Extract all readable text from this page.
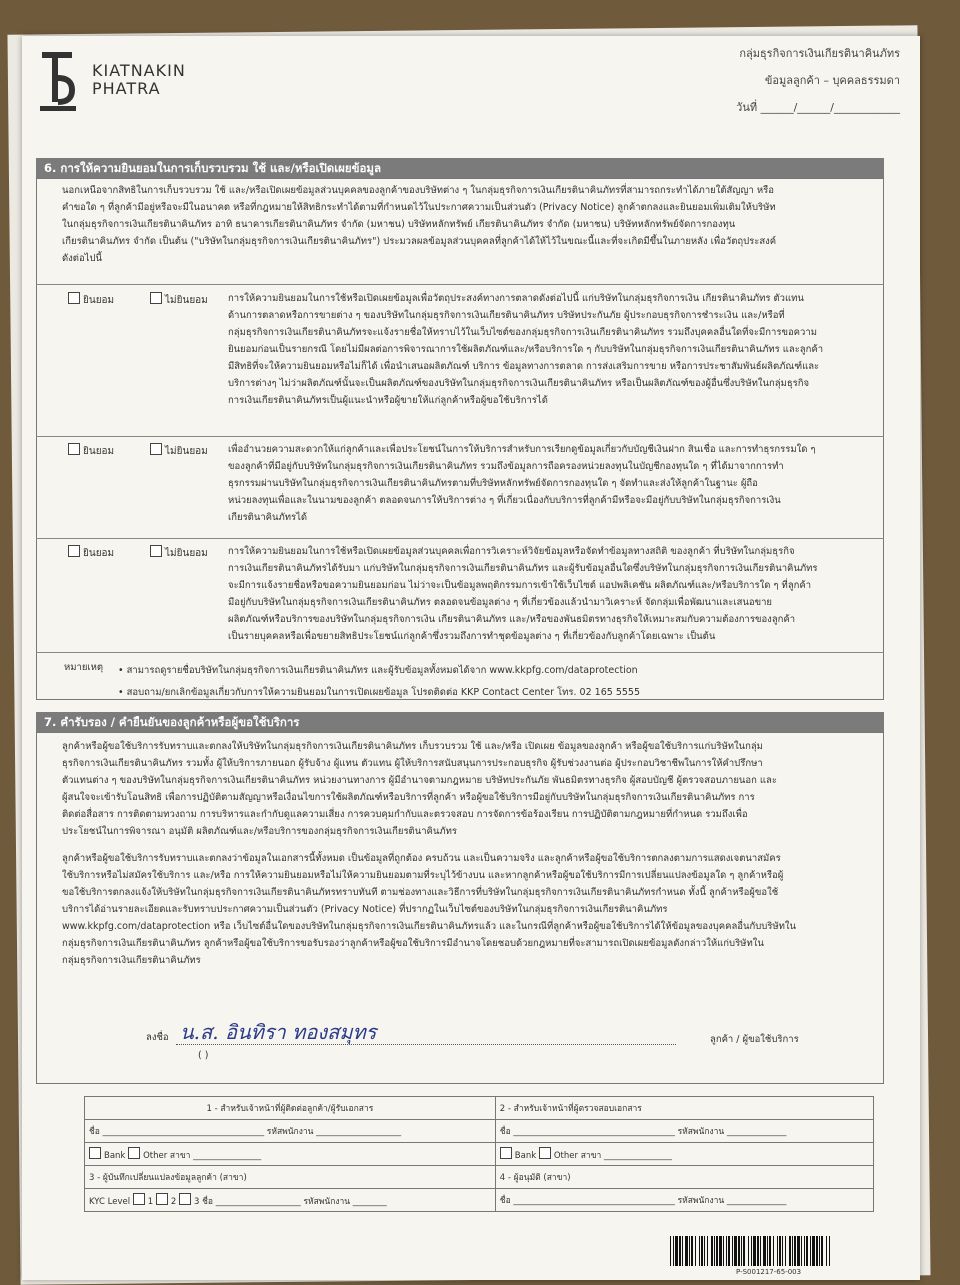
KIATNAKIN
PHATRA
กลุ่มธุรกิจการเงินเกียรตินาคินภัทร
ข้อมูลลูกค้า – บุคคลธรรมดา
วันที่ ______/______/____________
6. การให้ความยินยอมในการเก็บรวบรวม ใช้ และ/หรือเปิดเผยข้อมูล
นอกเหนือจากสิทธิในการเก็บรวบรวม ใช้ และ/หรือเปิดเผยข้อมูลส่วนบุคคลของลูกค้าของบริษัทต่าง ๆ ในกลุ่มธุรกิจการเงินเกียรตินาคินภัทรที่สามารถกระทำได้ภายใต้สัญญา หรือ
คำขอใด ๆ ที่ลูกค้ามีอยู่หรือจะมีในอนาคต หรือที่กฎหมายให้สิทธิกระทำได้ตามที่กำหนดไว้ในประกาศความเป็นส่วนตัว (Privacy Notice) ลูกค้าตกลงและยินยอมเพิ่มเติมให้บริษัท
ในกลุ่มธุรกิจการเงินเกียรตินาคินภัทร อาทิ ธนาคารเกียรตินาคินภัทร จำกัด (มหาชน) บริษัทหลักทรัพย์ เกียรตินาคินภัทร จำกัด (มหาชน) บริษัทหลักทรัพย์จัดการกองทุน
เกียรตินาคินภัทร จำกัด เป็นต้น ("บริษัทในกลุ่มธุรกิจการเงินเกียรตินาคินภัทร") ประมวลผลข้อมูลส่วนบุคคลที่ลูกค้าได้ให้ไว้ในขณะนี้และที่จะเกิดมีขึ้นในภายหลัง เพื่อวัตถุประสงค์
ดังต่อไปนี้
ยินยอม	ไม่ยินยอม การให้ความยินยอมในการใช้หรือเปิดเผยข้อมูลเพื่อวัตถุประสงค์ทางการตลาดดังต่อไปนี้ แก่บริษัทในกลุ่มธุรกิจการเงิน เกียรตินาคินภัทร ตัวแทน
ด้านการตลาดหรือการขายต่าง ๆ ของบริษัทในกลุ่มธุรกิจการเงินเกียรตินาคินภัทร บริษัทประกันภัย ผู้ประกอบธุรกิจการชำระเงิน และ/หรือที่
กลุ่มธุรกิจการเงินเกียรตินาคินภัทรจะแจ้งรายชื่อให้ทราบไว้ในเว็บไซต์ของกลุ่มธุรกิจการเงินเกียรตินาคินภัทร รวมถึงบุคคลอื่นใดที่จะมีการขอความ
ยินยอมก่อนเป็นรายกรณี โดยไม่มีผลต่อการพิจารณาการใช้ผลิตภัณฑ์และ/หรือบริการใด ๆ กับบริษัทในกลุ่มธุรกิจการเงินเกียรตินาคินภัทร และลูกค้า
มีสิทธิที่จะให้ความยินยอมหรือไม่ก็ได้ เพื่อนำเสนอผลิตภัณฑ์ บริการ ข้อมูลทางการตลาด การส่งเสริมการขาย หรือการประชาสัมพันธ์ผลิตภัณฑ์และ
บริการต่างๆ ไม่ว่าผลิตภัณฑ์นั้นจะเป็นผลิตภัณฑ์ของบริษัทในกลุ่มธุรกิจการเงินเกียรตินาคินภัทร หรือเป็นผลิตภัณฑ์ของผู้อื่นซึ่งบริษัทในกลุ่มธุรกิจ
การเงินเกียรตินาคินภัทรเป็นผู้แนะนำหรือผู้ขายให้แก่ลูกค้าหรือผู้ขอใช้บริการได้
ยินยอม	ไม่ยินยอม เพื่ออำนวยความสะดวกให้แก่ลูกค้าและเพื่อประโยชน์ในการให้บริการสำหรับการเรียกดูข้อมูลเกี่ยวกับบัญชีเงินฝาก สินเชื่อ และการทำธุรกรรมใด ๆ
ของลูกค้าที่มีอยู่กับบริษัทในกลุ่มธุรกิจการเงินเกียรตินาคินภัทร รวมถึงข้อมูลการถือครองหน่วยลงทุนในบัญชีกองทุนใด ๆ ที่ได้มาจากการทำ
ธุรกรรมผ่านบริษัทในกลุ่มธุรกิจการเงินเกียรตินาคินภัทรตามที่บริษัทหลักทรัพย์จัดการกองทุนใด ๆ จัดทำและส่งให้ลูกค้าในฐานะ ผู้ถือ
หน่วยลงทุนเพื่อและในนามของลูกค้า ตลอดจนการให้บริการต่าง ๆ ที่เกี่ยวเนื่องกับบริการที่ลูกค้ามีหรือจะมีอยู่กับบริษัทในกลุ่มธุรกิจการเงิน
เกียรตินาคินภัทรได้
ยินยอม	ไม่ยินยอม การให้ความยินยอมในการใช้หรือเปิดเผยข้อมูลส่วนบุคคลเพื่อการวิเคราะห์วิจัยข้อมูลหรือจัดทำข้อมูลทางสถิติ ของลูกค้า ที่บริษัทในกลุ่มธุรกิจ
การเงินเกียรตินาคินภัทรได้รับมา แก่บริษัทในกลุ่มธุรกิจการเงินเกียรตินาคินภัทร และผู้รับข้อมูลอื่นใดซึ่งบริษัทในกลุ่มธุรกิจการเงินเกียรตินาคินภัทร
จะมีการแจ้งรายชื่อหรือขอความยินยอมก่อน ไม่ว่าจะเป็นข้อมูลพฤติกรรมการเข้าใช้เว็บไซต์ แอปพลิเคชัน ผลิตภัณฑ์และ/หรือบริการใด ๆ ที่ลูกค้า
มีอยู่กับบริษัทในกลุ่มธุรกิจการเงินเกียรตินาคินภัทร ตลอดจนข้อมูลต่าง ๆ ที่เกี่ยวข้องแล้วนำมาวิเคราะห์ จัดกลุ่มเพื่อพัฒนาและเสนอขาย
ผลิตภัณฑ์หรือบริการของบริษัทในกลุ่มธุรกิจการเงิน เกียรตินาคินภัทร และ/หรือของพันธมิตรทางธุรกิจให้เหมาะสมกับความต้องการของลูกค้า
เป็นรายบุคคลหรือเพื่อขยายสิทธิประโยชน์แก่ลูกค้าซึ่งรวมถึงการทำชุดข้อมูลต่าง ๆ ที่เกี่ยวข้องกับลูกค้าโดยเฉพาะ เป็นต้น
หมายเหตุ • สามารถดูรายชื่อบริษัทในกลุ่มธุรกิจการเงินเกียรตินาคินภัทร และผู้รับข้อมูลทั้งหมดได้จาก www.kkpfg.com/dataprotection
• สอบถาม/ยกเลิกข้อมูลเกี่ยวกับการให้ความยินยอมในการเปิดเผยข้อมูล โปรดติดต่อ KKP Contact Center โทร. 02 165 5555
7. คำรับรอง / คำยืนยันของลูกค้าหรือผู้ขอใช้บริการ
ลูกค้าหรือผู้ขอใช้บริการรับทราบและตกลงให้บริษัทในกลุ่มธุรกิจการเงินเกียรตินาคินภัทร เก็บรวบรวม ใช้ และ/หรือ เปิดเผย ข้อมูลของลูกค้า หรือผู้ขอใช้บริการแก่บริษัทในกลุ่ม
ธุรกิจการเงินเกียรตินาคินภัทร รวมทั้ง ผู้ให้บริการภายนอก ผู้รับจ้าง ผู้แทน ตัวแทน ผู้ให้บริการสนับสนุนการประกอบธุรกิจ ผู้รับช่วงงานต่อ ผู้ประกอบวิชาชีพในการให้คำปรึกษา
ตัวแทนต่าง ๆ ของบริษัทในกลุ่มธุรกิจการเงินเกียรตินาคินภัทร หน่วยงานทางการ ผู้มีอำนาจตามกฎหมาย บริษัทประกันภัย พันธมิตรทางธุรกิจ ผู้สอบบัญชี ผู้ตรวจสอบภายนอก และ
ผู้สนใจจะเข้ารับโอนสิทธิ เพื่อการปฏิบัติตามสัญญาหรือเงื่อนไขการใช้ผลิตภัณฑ์หรือบริการที่ลูกค้า หรือผู้ขอใช้บริการมีอยู่กับบริษัทในกลุ่มธุรกิจการเงินเกียรตินาคินภัทร การ
ติดต่อสื่อสาร การติดตามทวงถาม การบริหารและกำกับดูแลความเสี่ยง การควบคุมกำกับและตรวจสอบ การจัดการข้อร้องเรียน การปฏิบัติตามกฎหมายที่กำหนด รวมถึงเพื่อ
ประโยชน์ในการพิจารณา อนุมัติ ผลิตภัณฑ์และ/หรือบริการของกลุ่มธุรกิจการเงินเกียรตินาคินภัทร
ลูกค้าหรือผู้ขอใช้บริการรับทราบและตกลงว่าข้อมูลในเอกสารนี้ทั้งหมด เป็นข้อมูลที่ถูกต้อง ครบถ้วน และเป็นความจริง และลูกค้าหรือผู้ขอใช้บริการตกลงตามการแสดงเจตนาสมัคร
ใช้บริการหรือไม่สมัครใช้บริการ และ/หรือ การให้ความยินยอมหรือไม่ให้ความยินยอมตามที่ระบุไว้ข้างบน และหากลูกค้าหรือผู้ขอใช้บริการมีการเปลี่ยนแปลงข้อมูลใด ๆ ลูกค้าหรือผู้
ขอใช้บริการตกลงแจ้งให้บริษัทในกลุ่มธุรกิจการเงินเกียรตินาคินภัทรทราบทันที ตามช่องทางและวิธีการที่บริษัทในกลุ่มธุรกิจการเงินเกียรตินาคินภัทรกำหนด ทั้งนี้ ลูกค้าหรือผู้ขอใช้
บริการได้อ่านรายละเอียดและรับทราบประกาศความเป็นส่วนตัว (Privacy Notice) ที่ปรากฏในเว็บไซต์ของบริษัทในกลุ่มธุรกิจการเงินเกียรตินาคินภัทร
www.kkpfg.com/dataprotection หรือ เว็บไซต์อื่นใดของบริษัทในกลุ่มธุรกิจการเงินเกียรตินาคินภัทรแล้ว และในกรณีที่ลูกค้าหรือผู้ขอใช้บริการได้ให้ข้อมูลของบุคคลอื่นกับบริษัทใน
กลุ่มธุรกิจการเงินเกียรตินาคินภัทร ลูกค้าหรือผู้ขอใช้บริการขอรับรองว่าลูกค้าหรือผู้ขอใช้บริการมีอำนาจโดยชอบด้วยกฎหมายที่จะสามารถเปิดเผยข้อมูลดังกล่าวให้แก่บริษัทใน
กลุ่มธุรกิจการเงินเกียรตินาคินภัทร
ลงชื่อ น.ส. อินทิรา ทองสมุทร
( )
ลูกค้า / ผู้ขอใช้บริการ
1 - สำหรับเจ้าหน้าที่ผู้ติดต่อลูกค้า/ผู้รับเอกสาร	2 - สำหรับเจ้าหน้าที่ผู้ตรวจสอบเอกสาร
ชื่อ ______________________________________ รหัสพนักงาน ____________________	ชื่อ ______________________________________ รหัสพนักงาน ______________
Bank Other สาขา ________________	Bank Other สาขา ________________
3 - ผู้บันทึกเปลี่ยนแปลงข้อมูลลูกค้า (สาขา)	4 - ผู้อนุมัติ (สาขา)
KYC Level 1 2 3 ชื่อ ____________________ รหัสพนักงาน ________	ชื่อ ______________________________________ รหัสพนักงาน ______________
P-S001217-65-003
